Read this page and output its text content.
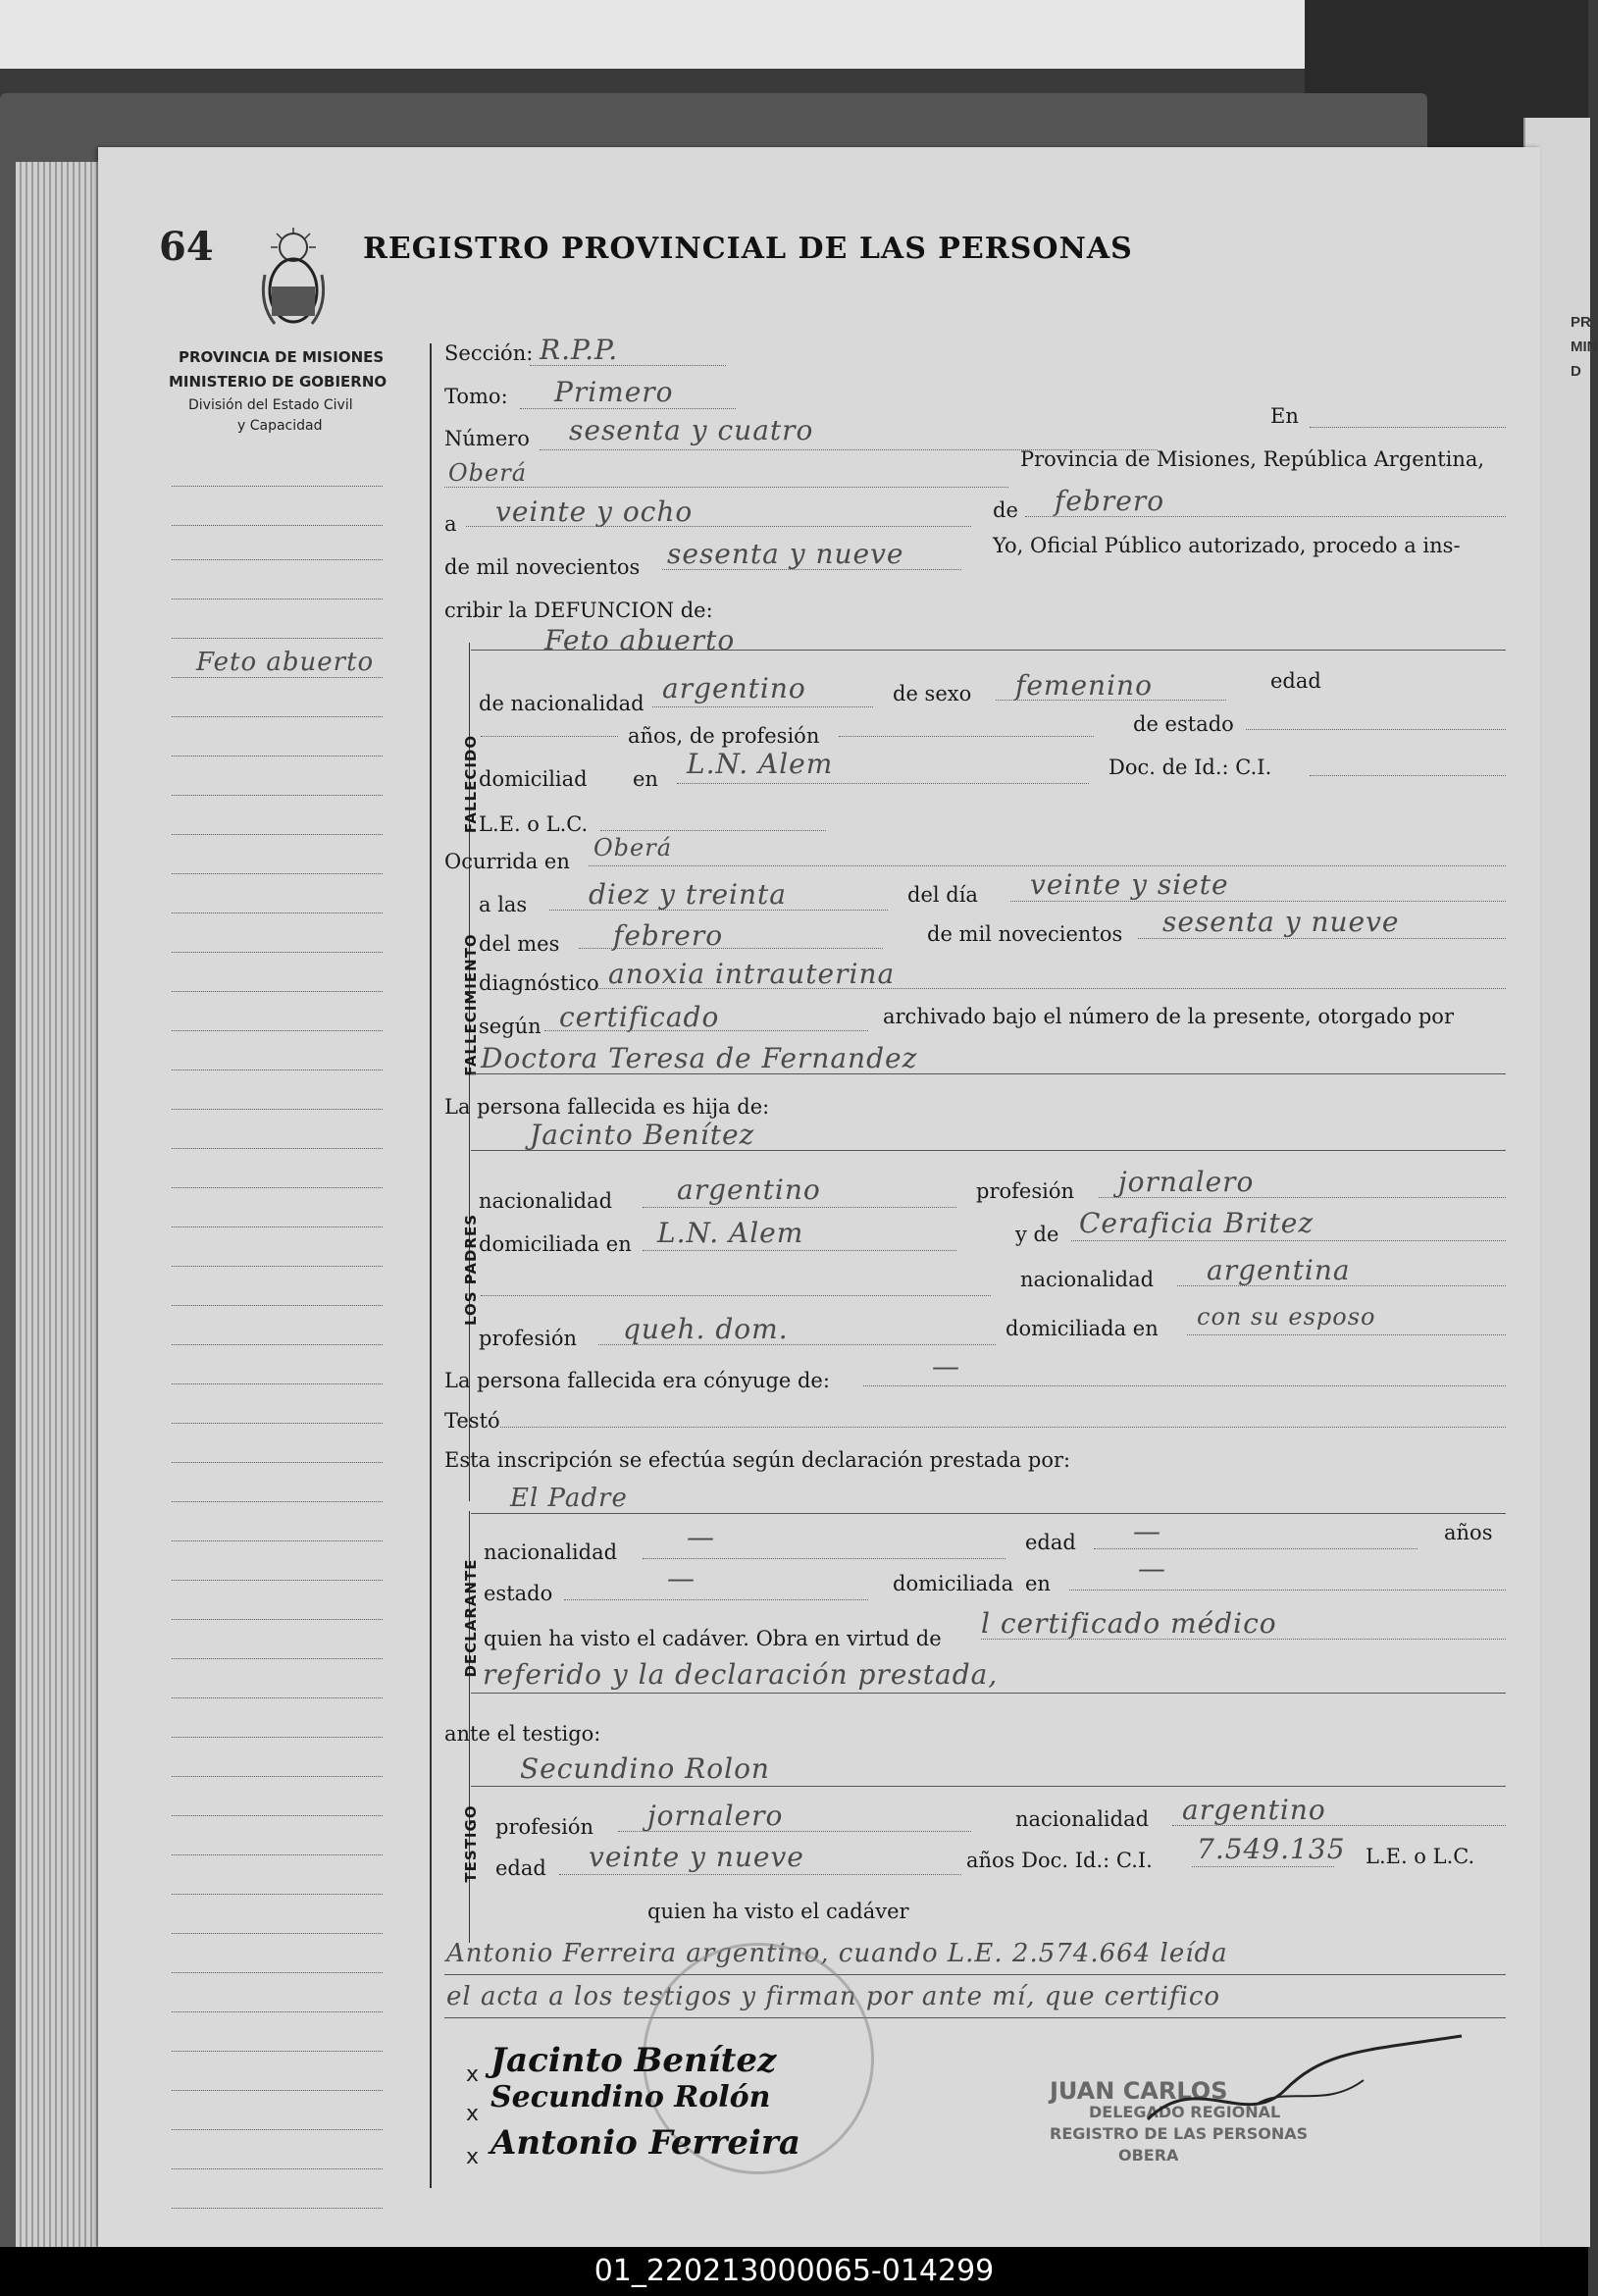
PR
MIN
D
64	REGISTRO PROVINCIAL DE LAS PERSONAS
PROVINCIA DE MISIONES
MINISTERIO DE GOBIERNO
División del Estado Civil
y Capacidad
Feto abuerto
Sección: R.P.P.
Tomo: Primero
Número sesenta y cuatro	En
Oberá	Provincia de Misiones, República Argentina,
a veinte y ocho	de febrero
de mil novecientos sesenta y nueve	Yo, Oficial Público autorizado, procedo a ins-
cribir la DEFUNCION de:
FALLECIDO
Feto abuerto
de nacionalidad argentino	de sexo femenino	edad
años, de profesión	de estado
domiciliad en L.N. Alem	Doc. de Id.: C.I.
L.E. o L.C.
Ocurrida en Oberá
FALLECIMIENTO
a las diez y treinta	del día veinte y siete
del mes febrero	de mil novecientos sesenta y nueve
diagnóstico anoxia intrauterina
según certificado	archivado bajo el número de la presente, otorgado por
Doctora Teresa de Fernandez
La persona fallecida es hija de:
LOS PADRES
Jacinto Benítez
nacionalidad argentino	profesión jornalero
domiciliada en L.N. Alem	y de Ceraficia Britez
nacionalidad argentina
profesión queh. dom.	domiciliada en con su esposo
La persona fallecida era cónyuge de:	—
Testó
Esta inscripción se efectúa según declaración prestada por:
DECLARANTE
El Padre
nacionalidad	—	edad —	años
estado	—	domiciliada en	—
quien ha visto el cadáver. Obra en virtud de l certificado médico
referido y la declaración prestada,
ante el testigo:
TESTIGO
Secundino Rolon
profesión jornalero	nacionalidad argentino
edad veinte y nueve	años Doc. Id.: C.I. 7.549.135 L.E. o L.C.
quien ha visto el cadáver
Antonio Ferreira argentino, cuando L.E. 2.574.664 leída
el acta a los testigos y firman por ante mí, que certifico
JUAN CARLOS
DELEGADO REGIONAL
REGISTRO DE LAS PERSONAS
OBERA
x Jacinto Benítez
x Secundino Rolón
x Antonio Ferreira
01_220213000065-014299
